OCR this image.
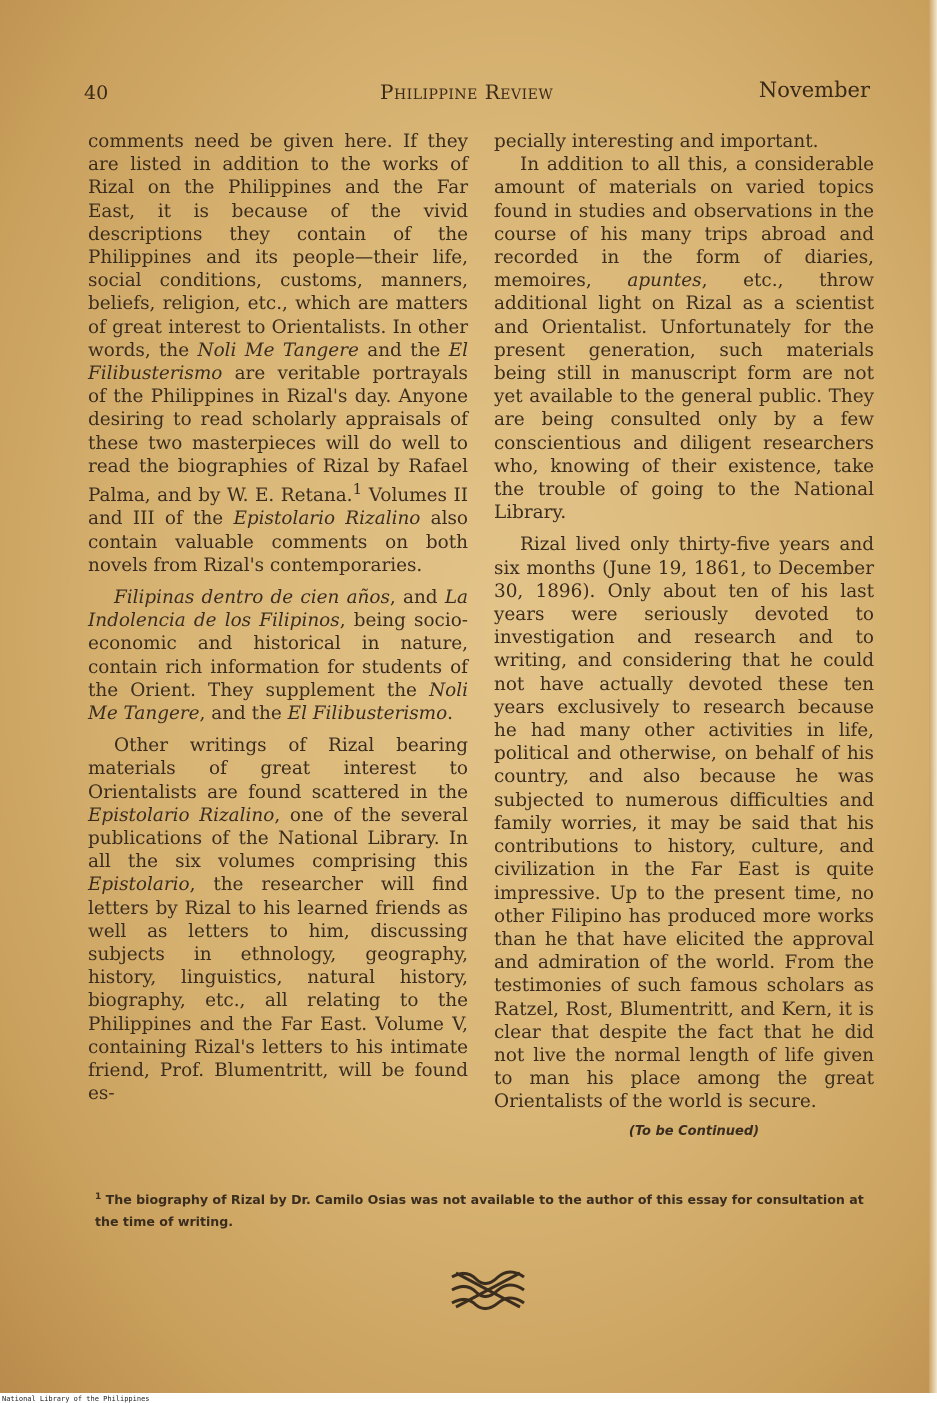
40	Philippine Review	November

comments need be given here. If they are listed in addition to the works of Rizal on the Philippines and the Far East, it is because of the vivid descriptions they contain of the Philippines and its people—their life, social conditions, customs, manners, beliefs, religion, etc., which are matters of great interest to Orientalists. In other words, the Noli Me Tangere and the El Filibusterismo are veritable portrayals of the Philippines in Rizal's day. Anyone desiring to read scholarly appraisals of these two masterpieces will do well to read the biographies of Rizal by Rafael Palma, and by W. E. Retana.$^1$ Volumes II and III of the Epistolario Rizalino also contain valuable comments on both novels from Rizal's contemporaries.

Filipinas dentro de cien años, and La Indolencia de los Filipinos, being socio-economic and historical in nature, contain rich information for students of the Orient. They supplement the Noli Me Tangere, and the El Filibusterismo.

Other writings of Rizal bearing materials of great interest to Orientalists are found scattered in the Epistolario Rizalino, one of the several publications of the National Library. In all the six volumes comprising this Epistolario, the researcher will find letters by Rizal to his learned friends as well as letters to him, discussing subjects in ethnology, geography, history, linguistics, natural history, biography, etc., all relating to the Philippines and the Far East. Volume V, containing Rizal's letters to his intimate friend, Prof. Blumentritt, will be found es-

pecially interesting and important.

In addition to all this, a considerable amount of materials on varied topics found in studies and observations in the course of his many trips abroad and recorded in the form of diaries, memoires, apuntes, etc., throw additional light on Rizal as a scientist and Orientalist. Unfortunately for the present generation, such materials being still in manuscript form are not yet available to the general public. They are being consulted only by a few conscientious and diligent researchers who, knowing of their existence, take the trouble of going to the National Library.

Rizal lived only thirty-five years and six months (June 19, 1861, to December 30, 1896). Only about ten of his last years were seriously devoted to investigation and research and to writing, and considering that he could not have actually devoted these ten years exclusively to research because he had many other activities in life, political and otherwise, on behalf of his country, and also because he was subjected to numerous difficulties and family worries, it may be said that his contributions to history, culture, and civilization in the Far East is quite impressive. Up to the present time, no other Filipino has produced more works than he that have elicited the approval and admiration of the world. From the testimonies of such famous scholars as Ratzel, Rost, Blumentritt, and Kern, it is clear that despite the fact that he did not live the normal length of life given to man his place among the great Orientalists of the world is secure.

(To be Continued)
$^1$ The biography of Rizal by Dr. Camilo Osias was not available to the author of this essay for consultation at the time of writing.
National Library of the Philippines
